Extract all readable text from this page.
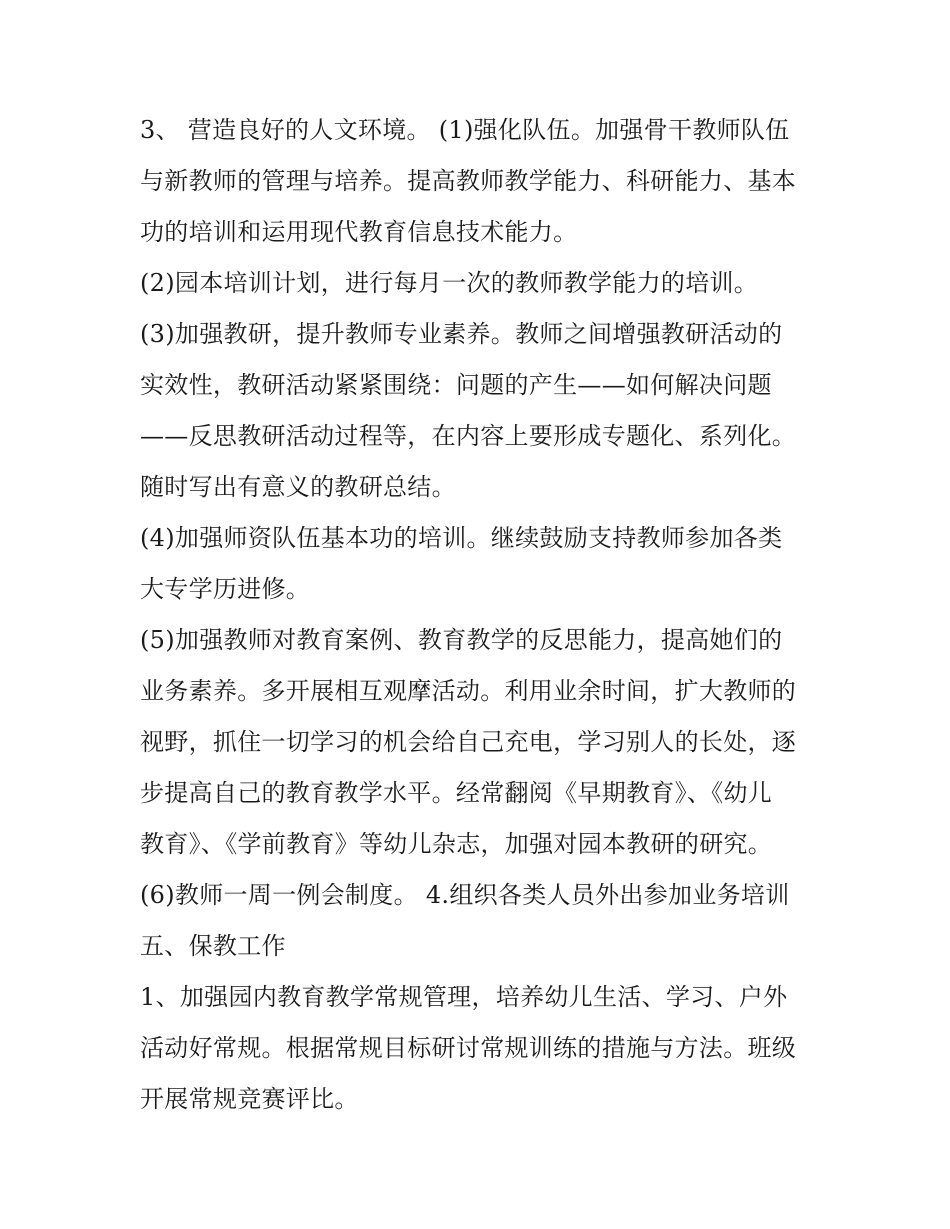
3、 营造良好的人文环境。 (1)强化队伍。加强骨干教师队伍
与新教师的管理与培养。提高教师教学能力、科研能力、基本
功的培训和运用现代教育信息技术能力。
(2)园本培训计划，进行每月一次的教师教学能力的培训。
(3)加强教研，提升教师专业素养。教师之间增强教研活动的
实效性，教研活动紧紧围绕：问题的产生——如何解决问题
——反思教研活动过程等，在内容上要形成专题化、系列化。
随时写出有意义的教研总结。
(4)加强师资队伍基本功的培训。继续鼓励支持教师参加各类
大专学历进修。
(5)加强教师对教育案例、教育教学的反思能力，提高她们的
业务素养。多开展相互观摩活动。利用业余时间，扩大教师的
视野，抓住一切学习的机会给自己充电，学习别人的长处，逐
步提高自己的教育教学水平。经常翻阅《早期教育》、《幼儿
教育》、《学前教育》等幼儿杂志，加强对园本教研的研究。
(6)教师一周一例会制度。 4.组织各类人员外出参加业务培训
五、保教工作
1、加强园内教育教学常规管理，培养幼儿生活、学习、户外
活动好常规。根据常规目标研讨常规训练的措施与方法。班级
开展常规竞赛评比。
